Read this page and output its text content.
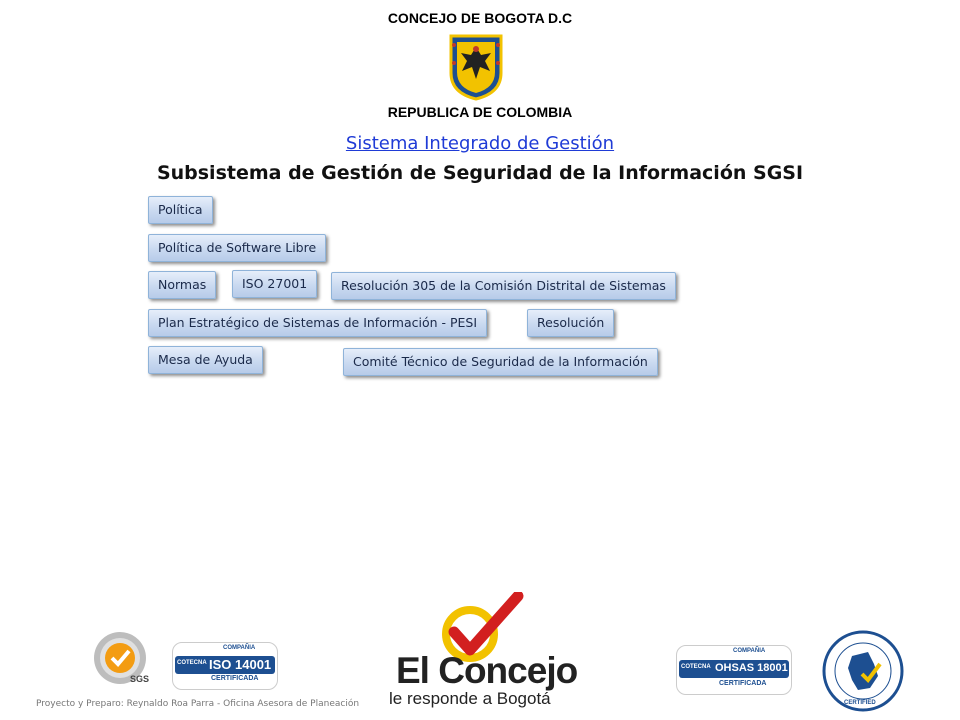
CONCEJO DE BOGOTA D.C
REPUBLICA DE COLOMBIA
Sistema Integrado de Gestión
Subsistema de Gestión de Seguridad de la Información SGSI
Política
Política de Software Libre
Normas	ISO 27001	Resolución 305 de la Comisión Distrital de Sistemas
Plan Estratégico de Sistemas de Información - PESI	Resolución
Mesa de Ayuda	Comité Técnico de Seguridad de la Información
SGS
COMPAÑIA
COTECNA ISO 14001
CERTIFICADA	El Concejo
le responde a Bogotá
COMPAÑIA
COTECNA OHSAS 18001
CERTIFICADA
CERTIFIED
Proyecto y Preparo: Reynaldo Roa Parra - Oficina Asesora de Planeación
